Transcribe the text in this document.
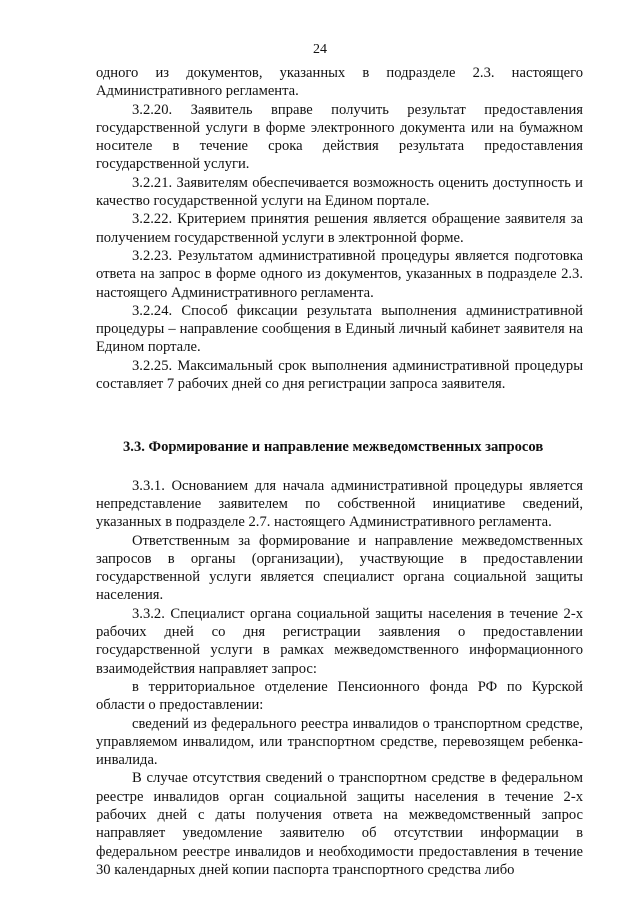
24

одного из документов, указанных в подразделе 2.3. настоящего Административного регламента.

3.2.20. Заявитель вправе получить результат предоставления государственной услуги в форме электронного документа или на бумажном носителе в течение срока действия результата предоставления государственной услуги.

3.2.21. Заявителям обеспечивается возможность оценить доступность и качество государственной услуги на Едином портале.

3.2.22. Критерием принятия решения является обращение заявителя за получением государственной услуги в электронной форме.

3.2.23. Результатом административной процедуры является подготовка ответа на запрос в форме одного из документов, указанных в подразделе 2.3. настоящего Административного регламента.

3.2.24. Способ фиксации результата выполнения административной процедуры – направление сообщения в Единый личный кабинет заявителя на Едином портале.

3.2.25. Максимальный срок выполнения административной процедуры составляет 7 рабочих дней со дня регистрации запроса заявителя.

3.3. Формирование и направление межведомственных запросов

3.3.1. Основанием для начала административной процедуры является непредставление заявителем по собственной инициативе сведений, указанных в подразделе 2.7. настоящего Административного регламента.

Ответственным за формирование и направление межведомственных запросов в органы (организации), участвующие в предоставлении государственной услуги является специалист органа социальной защиты населения.

3.3.2. Специалист органа социальной защиты населения в течение 2-х рабочих дней со дня регистрации заявления о предоставлении государственной услуги в рамках межведомственного информационного взаимодействия направляет запрос:

в территориальное отделение Пенсионного фонда РФ по Курской области о предоставлении:

сведений из федерального реестра инвалидов о транспортном средстве, управляемом инвалидом, или транспортном средстве, перевозящем ребенка-инвалида.

В случае отсутствия сведений о транспортном средстве в федеральном реестре инвалидов орган социальной защиты населения в течение 2-х рабочих дней с даты получения ответа на межведомственный запрос направляет уведомление заявителю об отсутствии информации в федеральном реестре инвалидов и необходимости предоставления в течение 30 календарных дней копии паспорта транспортного средства либо
